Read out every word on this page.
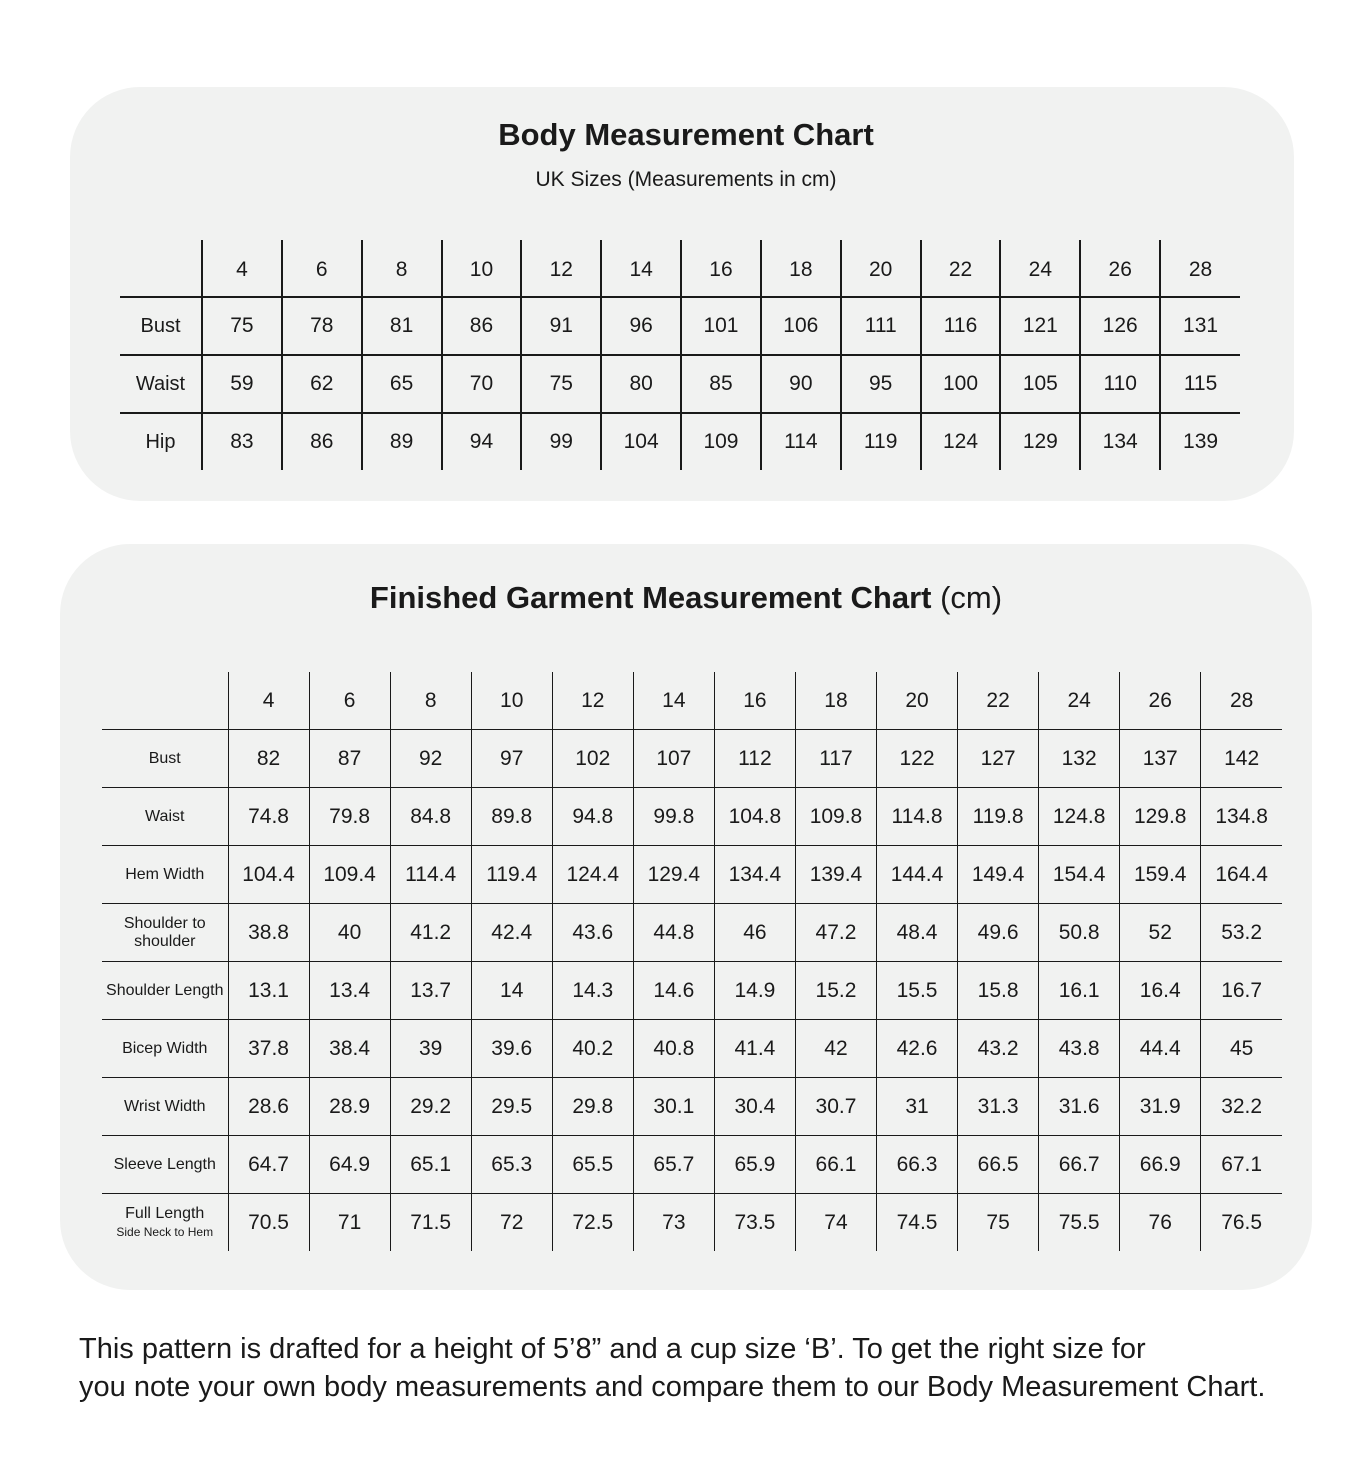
Body Measurement Chart
UK Sizes (Measurements in cm)
	4	6	8	10	12	14	16	18	20	22	24	26	28
Bust	75	78	81	86	91	96	101	106	111	116	121	126	131
Waist	59	62	65	70	75	80	85	90	95	100	105	110	115
Hip	83	86	89	94	99	104	109	114	119	124	129	134	139
Finished Garment Measurement Chart (cm)
	4	6	8	10	12	14	16	18	20	22	24	26	28
Bust	82	87	92	97	102	107	112	117	122	127	132	137	142
Waist	74.8	79.8	84.8	89.8	94.8	99.8	104.8	109.8	114.8	119.8	124.8	129.8	134.8
Hem Width	104.4	109.4	114.4	119.4	124.4	129.4	134.4	139.4	144.4	149.4	154.4	159.4	164.4
Shoulder to shoulder	38.8	40	41.2	42.4	43.6	44.8	46	47.2	48.4	49.6	50.8	52	53.2
Shoulder Length	13.1	13.4	13.7	14	14.3	14.6	14.9	15.2	15.5	15.8	16.1	16.4	16.7
Bicep Width	37.8	38.4	39	39.6	40.2	40.8	41.4	42	42.6	43.2	43.8	44.4	45
Wrist Width	28.6	28.9	29.2	29.5	29.8	30.1	30.4	30.7	31	31.3	31.6	31.9	32.2
Sleeve Length	64.7	64.9	65.1	65.3	65.5	65.7	65.9	66.1	66.3	66.5	66.7	66.9	67.1
Full Length
Side Neck to Hem	70.5	71	71.5	72	72.5	73	73.5	74	74.5	75	75.5	76	76.5
This pattern is drafted for a height of 5’8” and a cup size ‘B’. To get the right size for
you note your own body measurements and compare them to our Body Measurement Chart.
